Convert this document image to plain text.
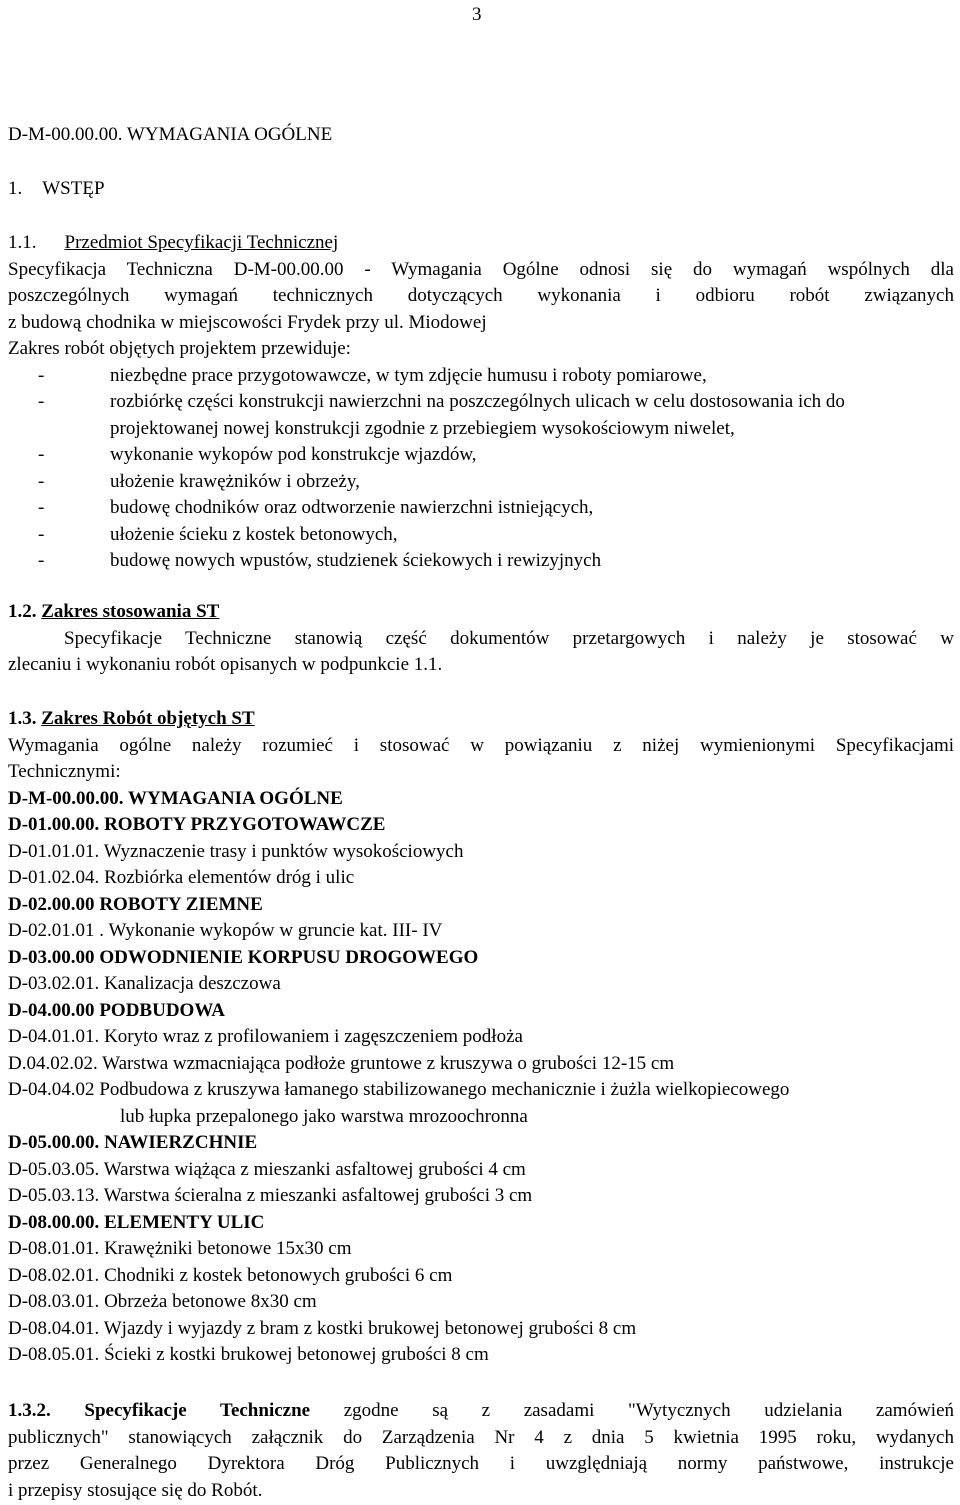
3
D-M-00.00.00. WYMAGANIA OGÓLNE
1. WSTĘP
1.1. Przedmiot Specyfikacji Technicznej
Specyfikacja Techniczna D-M-00.00.00 - Wymagania Ogólne odnosi się do wymagań wspólnych dla
poszczególnych wymagań technicznych dotyczących wykonania i odbioru robót związanych
z budową chodnika w miejscowości Frydek przy ul. Miodowej
Zakres robót objętych projektem przewiduje:
-	niezbędne prace przygotowawcze, w tym zdjęcie humusu i roboty pomiarowe,
-	rozbiórkę części konstrukcji nawierzchni na poszczególnych ulicach w celu dostosowania ich do projektowanej nowej konstrukcji zgodnie z przebiegiem wysokościowym niwelet,
-	wykonanie wykopów pod konstrukcje wjazdów,
-	ułożenie krawężników i obrzeży,
-	budowę chodników oraz odtworzenie nawierzchni istniejących,
-	ułożenie ścieku z kostek betonowych,
-	budowę nowych wpustów, studzienek ściekowych i rewizyjnych
1.2. Zakres stosowania ST
Specyfikacje Techniczne stanowią część dokumentów przetargowych i należy je stosować w
zlecaniu i wykonaniu robót opisanych w podpunkcie 1.1.
1.3. Zakres Robót objętych ST
Wymagania ogólne należy rozumieć i stosować w powiązaniu z niżej wymienionymi Specyfikacjami
Technicznymi:
D-M-00.00.00. WYMAGANIA OGÓLNE
D-01.00.00. ROBOTY PRZYGOTOWAWCZE
D-01.01.01. Wyznaczenie trasy i punktów wysokościowych
D-01.02.04. Rozbiórka elementów dróg i ulic
D-02.00.00 ROBOTY ZIEMNE
D-02.01.01 . Wykonanie wykopów w gruncie kat. III- IV
D-03.00.00 ODWODNIENIE KORPUSU DROGOWEGO
D-03.02.01. Kanalizacja deszczowa
D-04.00.00 PODBUDOWA
D-04.01.01. Koryto wraz z profilowaniem i zagęszczeniem podłoża
D.04.02.02. Warstwa wzmacniająca podłoże gruntowe z kruszywa o grubości 12-15 cm
D-04.04.02 Podbudowa z kruszywa łamanego stabilizowanego mechanicznie i żużla wielkopiecowego
lub łupka przepalonego jako warstwa mrozoochronna
D-05.00.00. NAWIERZCHNIE
D-05.03.05. Warstwa wiążąca z mieszanki asfaltowej grubości 4 cm
D-05.03.13. Warstwa ścieralna z mieszanki asfaltowej grubości 3 cm
D-08.00.00. ELEMENTY ULIC
D-08.01.01. Krawężniki betonowe 15x30 cm
D-08.02.01. Chodniki z kostek betonowych grubości 6 cm
D-08.03.01. Obrzeża betonowe 8x30 cm
D-08.04.01. Wjazdy i wyjazdy z bram z kostki brukowej betonowej grubości 8 cm
D-08.05.01. Ścieki z kostki brukowej betonowej grubości 8 cm
1.3.2. Specyfikacje Techniczne zgodne są z zasadami "Wytycznych udzielania zamówień
publicznych" stanowiących załącznik do Zarządzenia Nr 4 z dnia 5 kwietnia 1995 roku, wydanych
przez Generalnego Dyrektora Dróg Publicznych i uwzględniają normy państwowe, instrukcje
i przepisy stosujące się do Robót.
